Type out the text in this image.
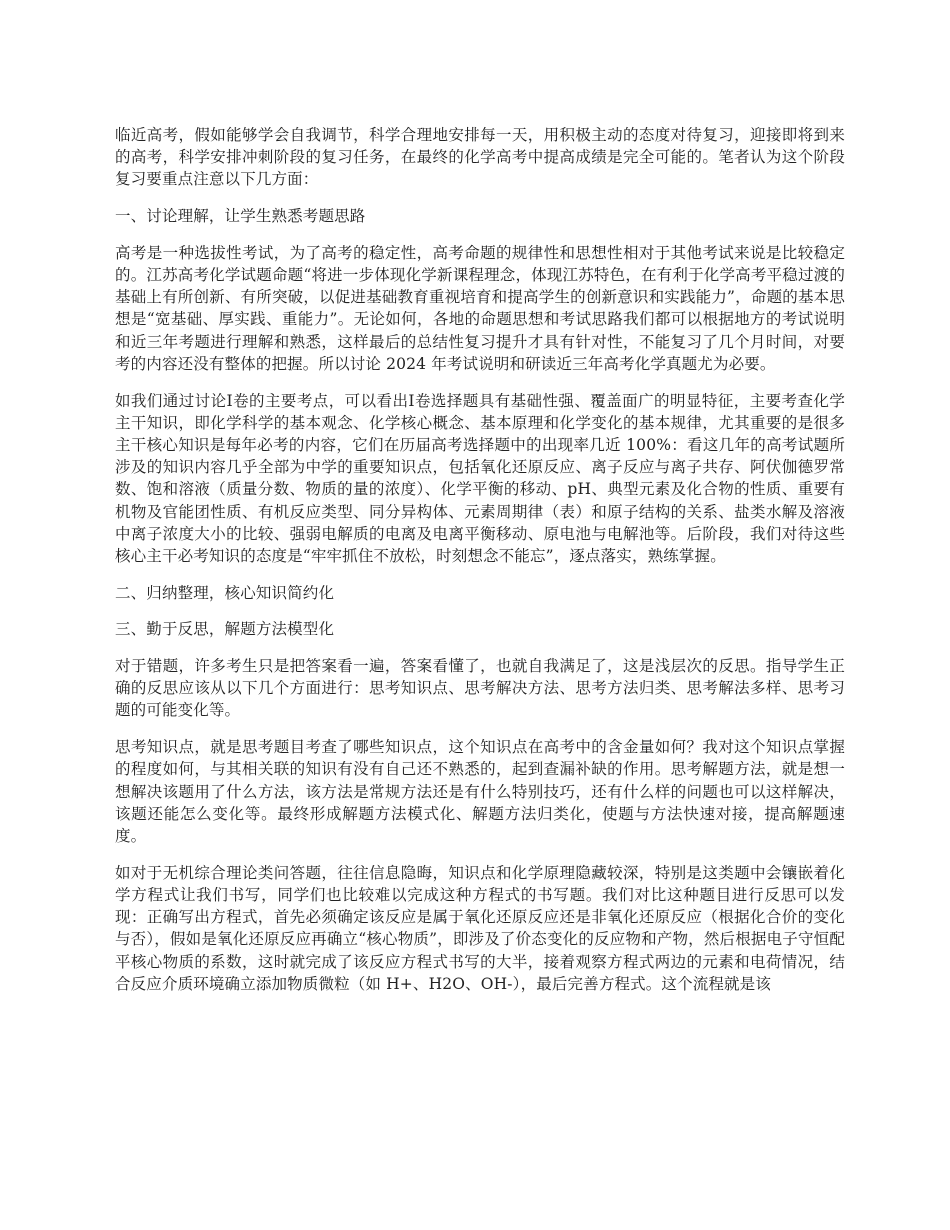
临近高考，假如能够学会自我调节，科学合理地安排每一天，用积极主动的态度对待复习，迎接即将到来的高考，科学安排冲刺阶段的复习任务，在最终的化学高考中提高成绩是完全可能的。笔者认为这个阶段复习要重点注意以下几方面：

一、讨论理解，让学生熟悉考题思路

高考是一种选拔性考试，为了高考的稳定性，高考命题的规律性和思想性相对于其他考试来说是比较稳定的。江苏高考化学试题命题“将进一步体现化学新课程理念，体现江苏特色，在有利于化学高考平稳过渡的基础上有所创新、有所突破，以促进基础教育重视培育和提高学生的创新意识和实践能力”，命题的基本思想是“宽基础、厚实践、重能力”。无论如何，各地的命题思想和考试思路我们都可以根据地方的考试说明和近三年考题进行理解和熟悉，这样最后的总结性复习提升才具有针对性，不能复习了几个月时间，对要考的内容还没有整体的把握。所以讨论 2024 年考试说明和研读近三年高考化学真题尤为必要。

如我们通过讨论Ⅰ卷的主要考点，可以看出Ⅰ卷选择题具有基础性强、覆盖面广的明显特征，主要考查化学主干知识，即化学科学的基本观念、化学核心概念、基本原理和化学变化的基本规律，尤其重要的是很多主干核心知识是每年必考的内容，它们在历届高考选择题中的出现率几近 100%：看这几年的高考试题所涉及的知识内容几乎全部为中学的重要知识点，包括氧化还原反应、离子反应与离子共存、阿伏伽德罗常数、饱和溶液（质量分数、物质的量的浓度）、化学平衡的移动、pH、典型元素及化合物的性质、重要有机物及官能团性质、有机反应类型、同分异构体、元素周期律（表）和原子结构的关系、盐类水解及溶液中离子浓度大小的比较、强弱电解质的电离及电离平衡移动、原电池与电解池等。后阶段，我们对待这些核心主干必考知识的态度是“牢牢抓住不放松，时刻想念不能忘”，逐点落实，熟练掌握。

二、归纳整理，核心知识简约化

三、勤于反思，解题方法模型化

对于错题，许多考生只是把答案看一遍，答案看懂了，也就自我满足了，这是浅层次的反思。指导学生正确的反思应该从以下几个方面进行：思考知识点、思考解决方法、思考方法归类、思考解法多样、思考习题的可能变化等。

思考知识点，就是思考题目考查了哪些知识点，这个知识点在高考中的含金量如何？我对这个知识点掌握的程度如何，与其相关联的知识有没有自己还不熟悉的，起到查漏补缺的作用。思考解题方法，就是想一想解决该题用了什么方法，该方法是常规方法还是有什么特别技巧，还有什么样的问题也可以这样解决，该题还能怎么变化等。最终形成解题方法模式化、解题方法归类化，使题与方法快速对接，提高解题速度。

如对于无机综合理论类问答题，往往信息隐晦，知识点和化学原理隐藏较深，特别是这类题中会镶嵌着化学方程式让我们书写，同学们也比较难以完成这种方程式的书写题。我们对比这种题目进行反思可以发现：正确写出方程式，首先必须确定该反应是属于氧化还原反应还是非氧化还原反应（根据化合价的变化与否），假如是氧化还原反应再确立“核心物质”，即涉及了价态变化的反应物和产物，然后根据电子守恒配平核心物质的系数，这时就完成了该反应方程式书写的大半，接着观察方程式两边的元素和电荷情况，结合反应介质环境确立添加物质微粒（如 H+、H2O、OH-），最后完善方程式。这个流程就是该
